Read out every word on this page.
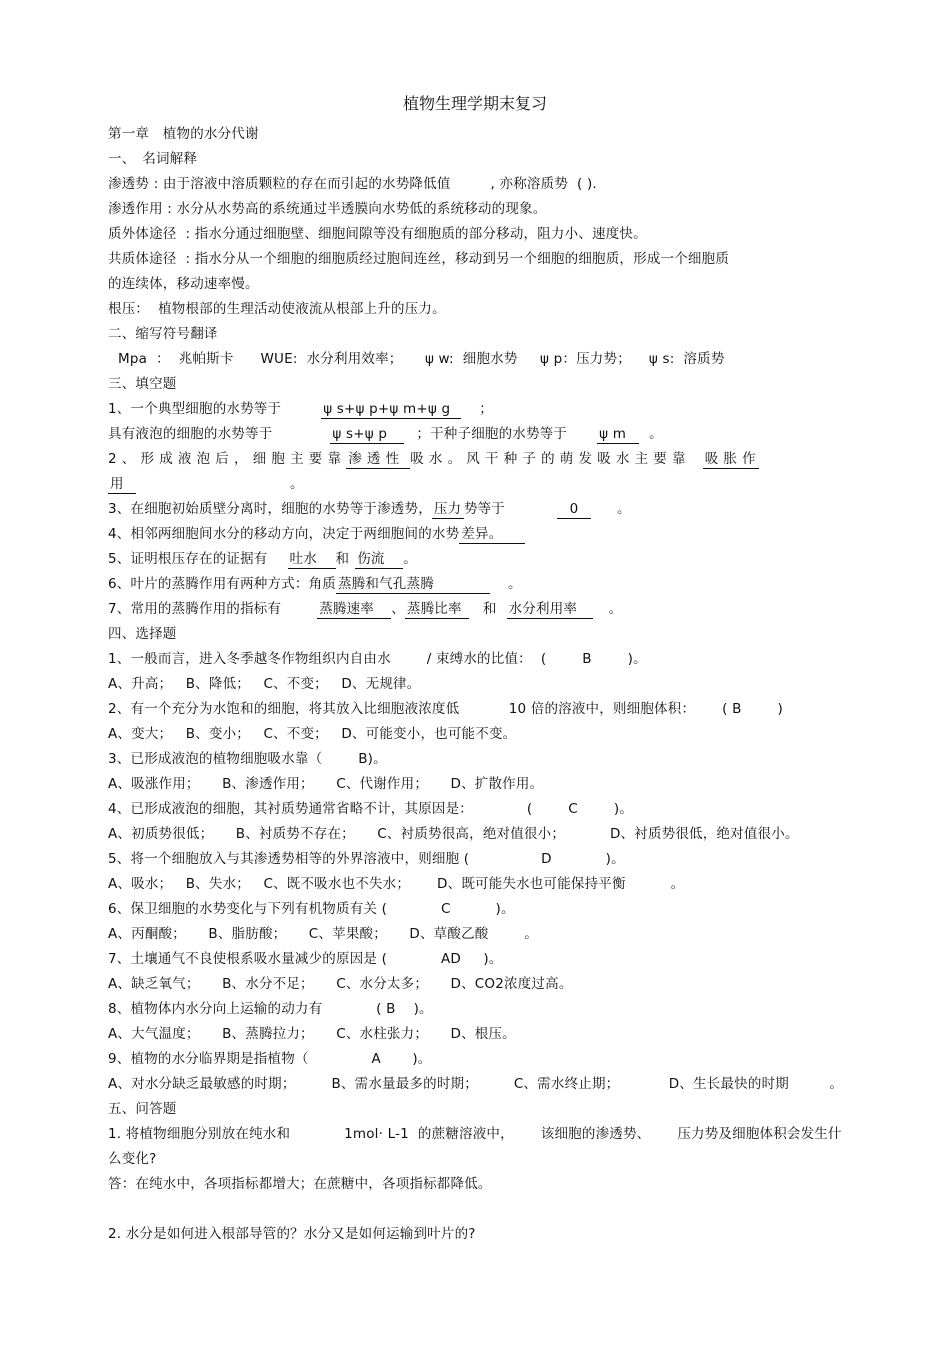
植物生理学期末复习
第一章　植物的水分代谢
一、　名词解释
渗透势 : 由于溶液中溶质颗粒的存在而引起的水势降低值	, 亦称溶质势  ( ).
渗透作用 : 水分从水势高的系统通过半透膜向水势低的系统移动的现象。
质外体途径  : 指水分通过细胞壁、细胞间隙等没有细胞质的部分移动，阻力小、速度快。
共质体途径  : 指水分从一个细胞的细胞质经过胞间连丝，移动到另一个细胞的细胞质，形成一个细胞质
的连续体，移动速率慢。
根压：  植物根部的生理活动使液流从根部上升的压力。
二、缩写符号翻译
Mpa  ：  兆帕斯卡      WUE:  水分利用效率；     ψ w:  细胞水势     ψ p：压力势；    ψ s:  溶质势
三、填空题
1、一个典型细胞的水势等于	ψ s+ψ p+ψ m+ψ g ；
具有液泡的细胞的水势等于	ψ s+ψ p ；干种子细胞的水势等于 ψ m 。
2、形成液泡后，细胞主要靠 渗透性 吸水。风干种子的萌发吸水主要靠 吸胀作
用	。
3、在细胞初始质壁分离时，细胞的水势等于渗透势， 压力 势等于	0	。
4、相邻两细胞间水分的移动方向，决定于两细胞间的水势 差异。
5、证明根压存在的证据有 吐水 和 伤流 。
6、叶片的蒸腾作用有两种方式：角质 蒸腾和气孔蒸腾	。
7、常用的蒸腾作用的指标有	蒸腾速率 、 蒸腾比率 和 水分利用率 。
四、选择题
1、一般而言，进入冬季越冬作物组织内自由水        / 束缚水的比值：  (        B        )。
A、升高；   B、降低；   C、不变；   D、无规律。
2、有一个充分为水饱和的细胞，将其放入比细胞液浓度低           10 倍的溶液中，则细胞体积：      ( B        )
A、变大；   B、变小；   C、不变；   D、可能变小，也可能不变。
3、已形成液泡的植物细胞吸水靠（        B)。
A、吸涨作用；     B、渗透作用；     C、代谢作用；     D、扩散作用。
4、已形成液泡的细胞，其衬质势通常省略不计，其原因是：            (        C        )。
A、初质势很低；     B、衬质势不存在；     C、衬质势很高，绝对值很小；          D、衬质势很低，绝对值很小。
5、将一个细胞放入与其渗透势相等的外界溶液中，则细胞 (                D            )。
A、吸水；   B、失水；   C、既不吸水也不失水；      D、既可能失水也可能保持平衡          。
6、保卫细胞的水势变化与下列有机物质有关 (            C          )。
A、丙酮酸；     B、脂肪酸；     C、苹果酸；     D、草酸乙酸        。
7、土壤通气不良使根系吸水量减少的原因是 (            AD     )。
A、缺乏氧气；     B、水分不足；     C、水分太多；     D、CO2浓度过高。
8、植物体内水分向上运输的动力有            ( B    )。
A、大气温度；     B、蒸腾拉力；     C、水柱张力；     D、根压。
9、植物的水分临界期是指植物（              A       )。
A、对水分缺乏最敏感的时期；        B、需水量最多的时期；        C、需水终止期；           D、生长最快的时期         。
五、问答题
1. 将植物细胞分别放在纯水和            1mol· L-1  的蔗糖溶液中，      该细胞的渗透势、      压力势及细胞体积会发生什
么变化?
答：在纯水中，各项指标都增大；在蔗糖中，各项指标都降低。
2. 水分是如何进入根部导管的？水分又是如何运输到叶片的?
